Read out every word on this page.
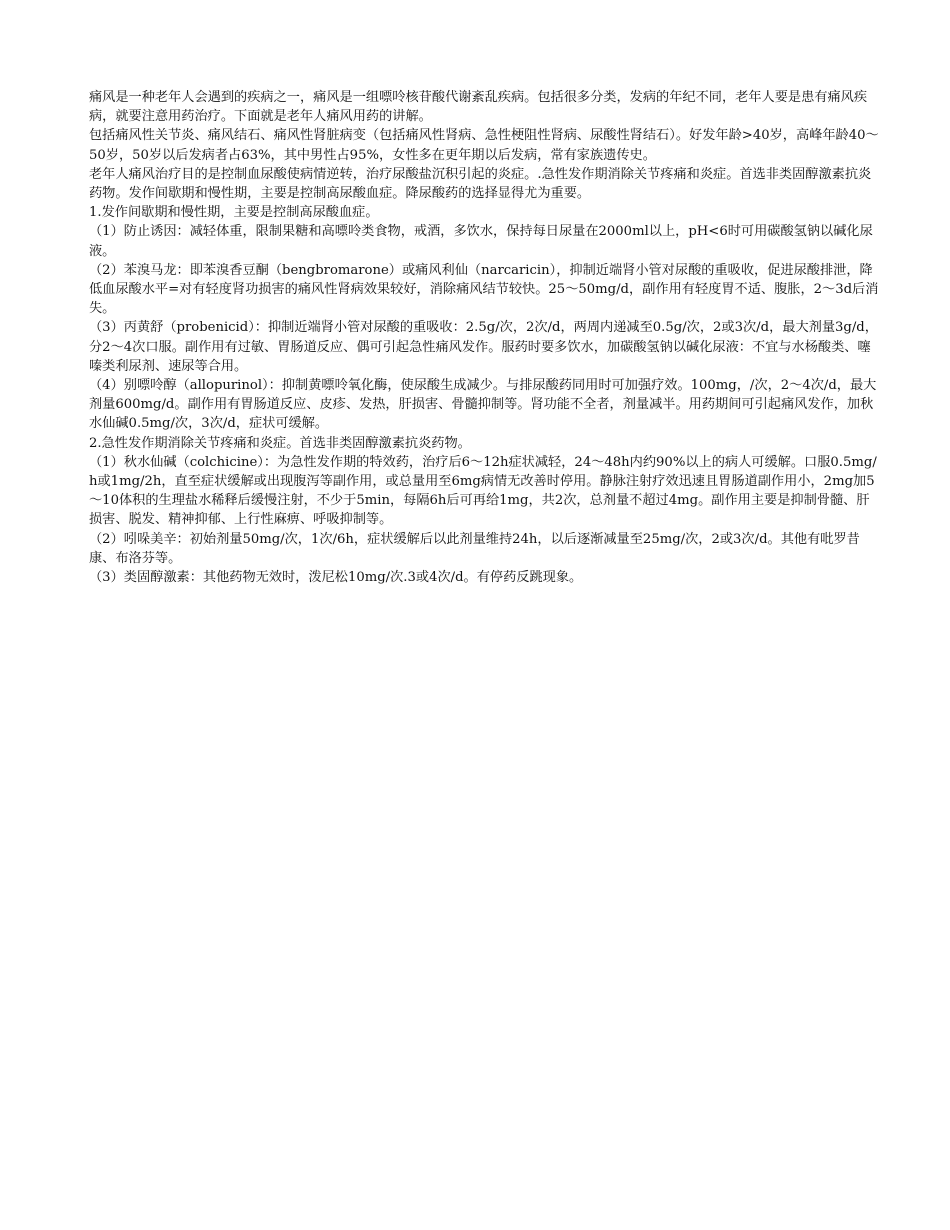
痛风是一种老年人会遇到的疾病之一，痛风是一组嘌呤核苷酸代谢紊乱疾病。包括很多分类，发病的年纪不同，老年人要是患有痛风疾病，就要注意用药治疗。下面就是老年人痛风用药的讲解。

包括痛风性关节炎、痛风结石、痛风性肾脏病变（包括痛风性肾病、急性梗阻性肾病、尿酸性肾结石）。好发年龄>40岁，高峰年龄40～50岁，50岁以后发病者占63%，其中男性占95%，女性多在更年期以后发病，常有家族遗传史。

老年人痛风治疗目的是控制血尿酸使病情逆转，治疗尿酸盐沉积引起的炎症。.急性发作期消除关节疼痛和炎症。首选非类固醇激素抗炎药物。发作间歇期和慢性期，主要是控制高尿酸血症。降尿酸药的选择显得尤为重要。

1.发作间歇期和慢性期，主要是控制高尿酸血症。

（1）防止诱因：减轻体重，限制果糖和高嘌呤类食物，戒酒，多饮水，保持每日尿量在2000ml以上，pH<6时可用碳酸氢钠以碱化尿液。

（2）苯溴马龙：即苯溴香豆酮（bengbromarone）或痛风利仙（narcaricin），抑制近端肾小管对尿酸的重吸收，促进尿酸排泄，降低血尿酸水平=对有轻度肾功损害的痛风性肾病效果较好，消除痛风结节较快。25～50mg/d，副作用有轻度胃不适、腹胀，2～3d后消失。

（3）丙黄舒（probenicid）：抑制近端肾小管对尿酸的重吸收：2.5g/次，2次/d，两周内递减至0.5g/次，2或3次/d，最大剂量3g/d，分2～4次口服。副作用有过敏、胃肠道反应、偶可引起急性痛风发作。服药时要多饮水，加碳酸氢钠以碱化尿液：不宜与水杨酸类、噻嗪类利尿剂、速尿等合用。

（4）别嘌呤醇（allopurinol）：抑制黄嘌呤氧化酶，使尿酸生成减少。与排尿酸药同用时可加强疗效。100mg，/次，2～4次/d，最大剂量600mg/d。副作用有胃肠道反应、皮疹、发热，肝损害、骨髓抑制等。肾功能不全者，剂量减半。用药期间可引起痛风发作，加秋水仙碱0.5mg/次，3次/d，症状可缓解。

2.急性发作期消除关节疼痛和炎症。首选非类固醇激素抗炎药物。

（1）秋水仙碱（colchicine）：为急性发作期的特效药，治疗后6～12h症状减轻，24～48h内约90%以上的病人可缓解。口服0.5mg/h或1mg/2h，直至症状缓解或出现腹泻等副作用，或总量用至6mg病情无改善时停用。静脉注射疗效迅速且胃肠道副作用小，2mg加5～10体积的生理盐水稀释后缓慢注射，不少于5min，每隔6h后可再给1mg，共2次，总剂量不超过4mg。副作用主要是抑制骨髓、肝损害、脱发、精神抑郁、上行性麻痹、呼吸抑制等。

（2）吲哚美辛：初始剂量50mg/次，1次/6h，症状缓解后以此剂量维持24h，以后逐渐减量至25mg/次，2或3次/d。其他有吡罗昔康、布洛芬等。

（3）类固醇激素：其他药物无效时，泼尼松10mg/次.3或4次/d。有停药反跳现象。
